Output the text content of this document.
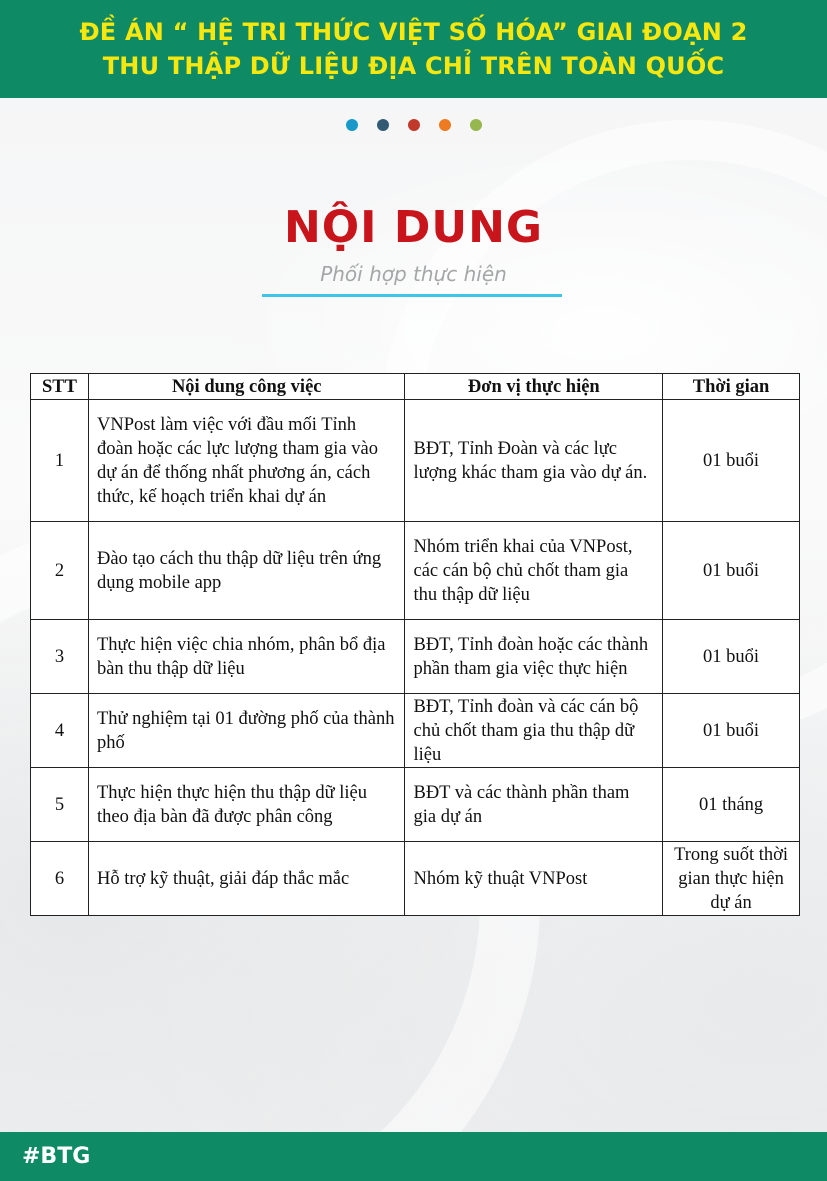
ĐỀ ÁN “ HỆ TRI THỨC VIỆT SỐ HÓA” GIAI ĐOẠN 2
THU THẬP DỮ LIỆU ĐỊA CHỈ TRÊN TOÀN QUỐC
NỘI DUNG
Phối hợp thực hiện
STT	Nội dung công việc	Đơn vị thực hiện	Thời gian
1	VNPost làm việc với đầu mối Tỉnh đoàn hoặc các lực lượng tham gia vào dự án để thống nhất phương án, cách thức, kế hoạch triển khai dự án	BĐT, Tỉnh Đoàn và các lực lượng khác tham gia vào dự án.	01 buổi
2	Đào tạo cách thu thập dữ liệu trên ứng dụng mobile app	Nhóm triển khai của VNPost, các cán bộ chủ chốt tham gia thu thập dữ liệu	01 buổi
3	Thực hiện việc chia nhóm, phân bổ địa bàn thu thập dữ liệu	BĐT, Tỉnh đoàn hoặc các thành phần tham gia việc thực hiện	01 buổi
4	Thử nghiệm tại 01 đường phố của thành phố	BĐT, Tỉnh đoàn và các cán bộ chủ chốt tham gia thu thập dữ liệu	01 buổi
5	Thực hiện thực hiện thu thập dữ liệu theo địa bàn đã được phân công	BĐT và các thành phần tham gia dự án	01 tháng
6	Hỗ trợ kỹ thuật, giải đáp thắc mắc	Nhóm kỹ thuật VNPost	Trong suốt thời gian thực hiện dự án
#BTG
